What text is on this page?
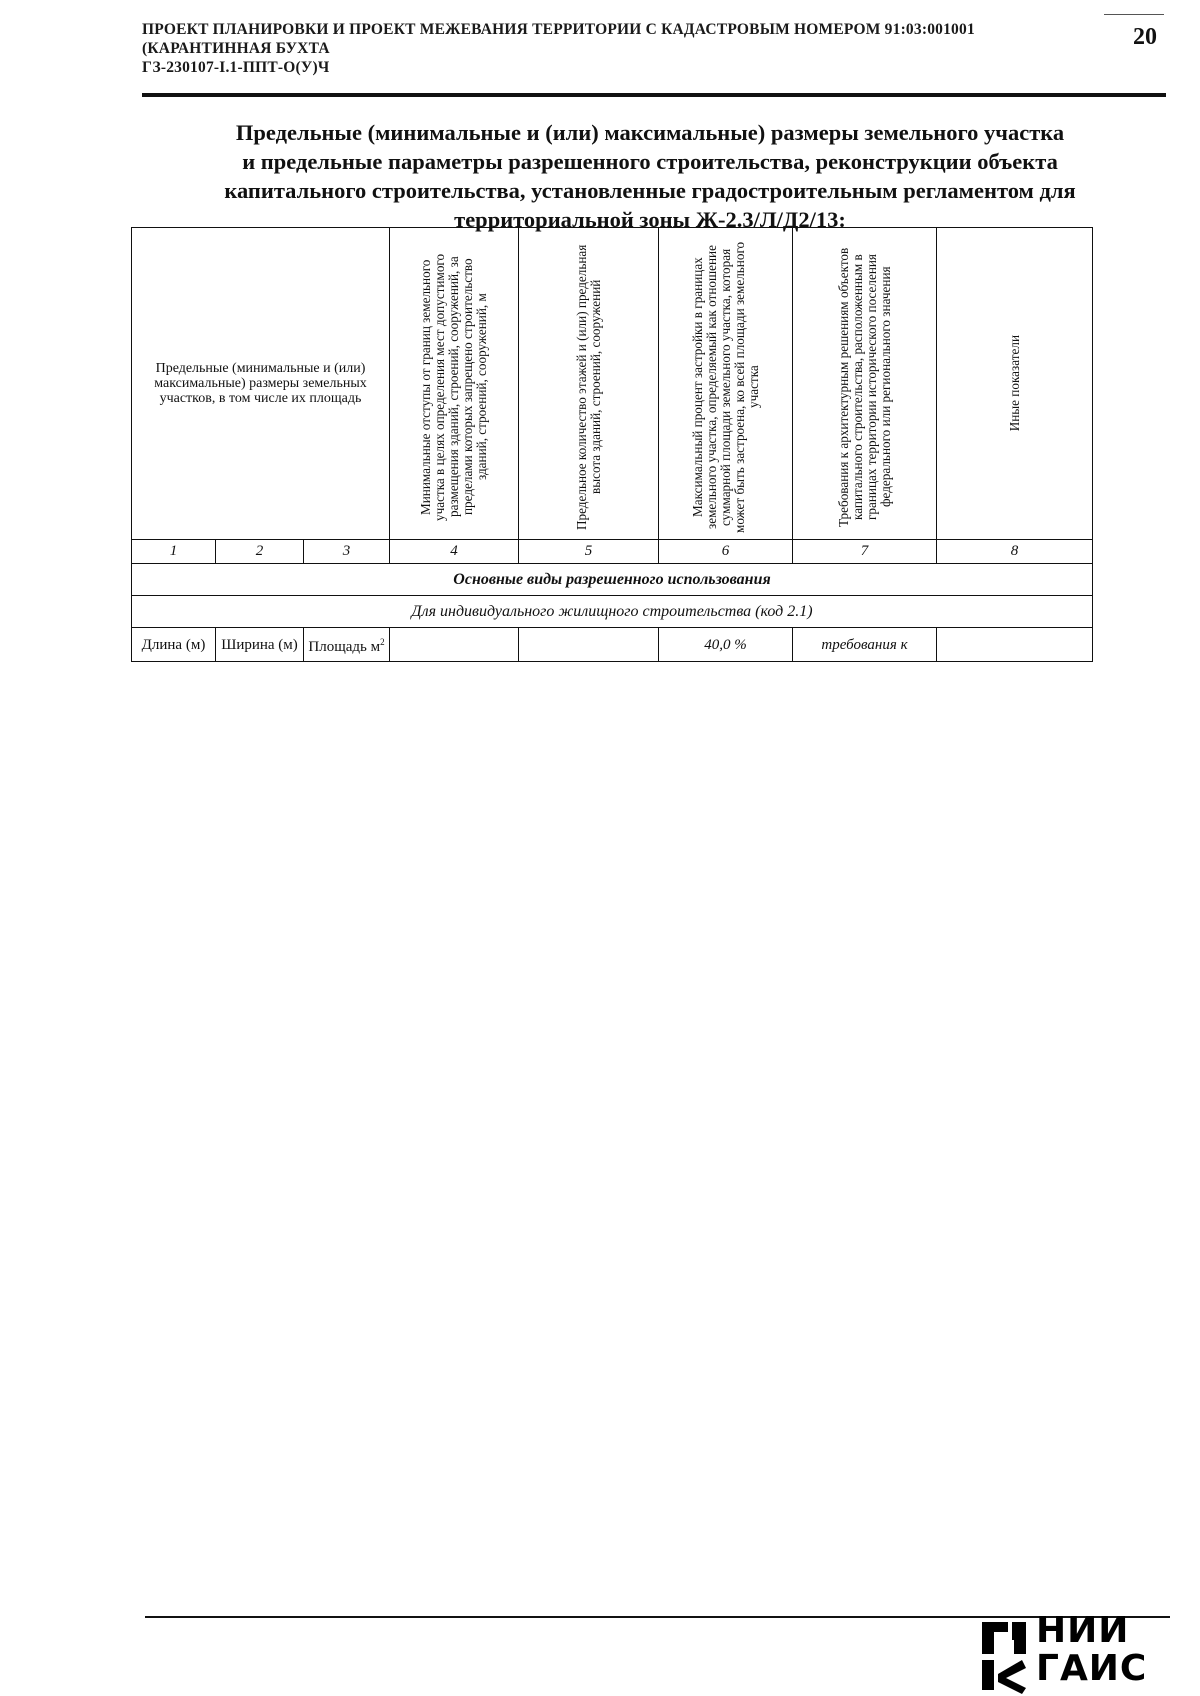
ПРОЕКТ ПЛАНИРОВКИ И ПРОЕКТ МЕЖЕВАНИЯ ТЕРРИТОРИИ С КАДАСТРОВЫМ НОМЕРОМ 91:03:001001
(КАРАНТИННАЯ БУХТА
ГЗ-230107-I.1-ППТ-О(У)Ч
20
Предельные (минимальные и (или) максимальные) размеры земельного участка
и предельные параметры разрешенного строительства, реконструкции объекта
капитального строительства, установленные градостроительным регламентом для
территориальной зоны Ж-2.3/Л/Д2/13:
Предельные (минимальные и (или) максимальные) размеры земельных участков, в том числе их площадь			Минимальные отступы от границ земельного участка в целях определения мест допустимого размещения зданий, строений, сооружений, за пределами которых запрещено строительство зданий, строений, сооружений, м	Предельное количество этажей и (или) предельная высота зданий, строений, сооружений	Максимальный процент застройки в границах земельного участка, определяемый как отношение суммарной площади земельного участка, которая может быть застроена, ко всей площади земельного участка	Требования к архитектурным решениям объектов капитального строительства, расположенным в границах территории исторического поселения федерального или регионального значения	Иные показатели

1	2	3	4	5	6	7	8
Основные виды разрешенного использования							
Для индивидуального жилищного строительства (код 2.1)							
Длина (м)	Ширина (м)	Площадь $м^2$			40,0 %	требования к	
НИИ
ГАИС
